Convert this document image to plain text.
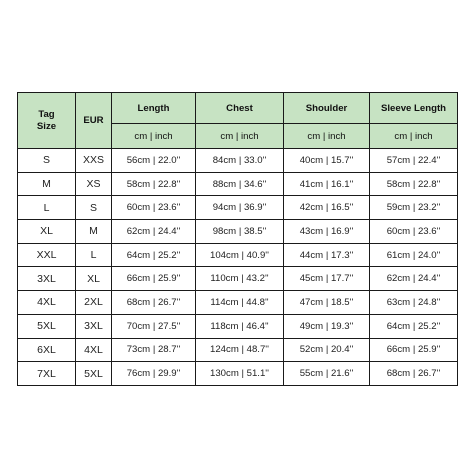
Tag
Size	EUR	Length	Chest	Shoulder	Sleeve Length
		cm | inch	cm | inch	cm | inch	cm | inch
S	XXS	56cm | 22.0''	84cm | 33.0''	40cm | 15.7''	57cm | 22.4''
M	XS	58cm | 22.8''	88cm | 34.6''	41cm | 16.1''	58cm | 22.8''
L	S	60cm | 23.6''	94cm | 36.9''	42cm | 16.5''	59cm | 23.2''
XL	M	62cm | 24.4''	98cm | 38.5''	43cm | 16.9''	60cm | 23.6''
XXL	L	64cm | 25.2''	104cm | 40.9''	44cm | 17.3''	61cm | 24.0''
3XL	XL	66cm | 25.9''	110cm | 43.2''	45cm | 17.7''	62cm | 24.4''
4XL	2XL	68cm | 26.7''	114cm | 44.8''	47cm | 18.5''	63cm | 24.8''
5XL	3XL	70cm | 27.5''	118cm | 46.4''	49cm | 19.3''	64cm | 25.2''
6XL	4XL	73cm | 28.7''	124cm | 48.7''	52cm | 20.4''	66cm | 25.9''
7XL	5XL	76cm | 29.9''	130cm | 51.1''	55cm | 21.6''	68cm | 26.7''
